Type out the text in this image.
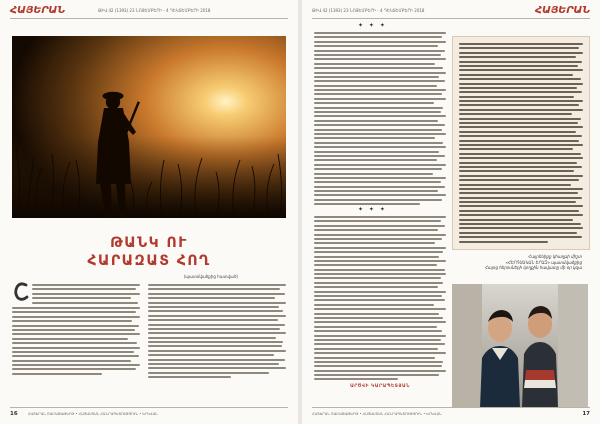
ՀԱՅԵՐԱՆ	ԹԻՎ 42 (1393) 23 ՆՈՅԵՄԲԵՐԻ - 4 ԴԵԿՏԵՄԲԵՐԻ 2018
ԹԱՆԿ ՈՒ
ՀԱՐԱԶԱՏ ՀՈՂ
(պատմվածքից հատված)
16	ՀԱՅԵՐԱՆ ՇԱԲԱԹԱԹԵՐԹ • ՀԱՅԱՍՏԱՆ ՀԱՆՐԱՊԵՏՈՒԹՅՈՒՆ • ԵՐԵՎԱՆ
ԹԻՎ 42 (1393) 23 ՆՈՅԵՄԲԵՐԻ - 4 ԴԵԿՏԵՄԲԵՐԻ 2018	ՀԱՅԵՐԱՆ
✦ ✦ ✦
✦ ✦ ✦
ԱՐԾՎԻ ԿԱՐԱՊԵՏՅԱՆ
Հայրենիքը կհաղթի միշտ
«ՀԵՐՈՍԱԿԱՆ ԵՐԱԶ» պատմվածքից
Հայոց հերոսների կողքին հավատը մի օր կզա
ՀԱՅԵՐԱՆ ՇԱԲԱԹԱԹԵՐԹ • ՀԱՅԱՍՏԱՆ ՀԱՆՐԱՊԵՏՈՒԹՅՈՒՆ • ԵՐԵՎԱՆ	17
